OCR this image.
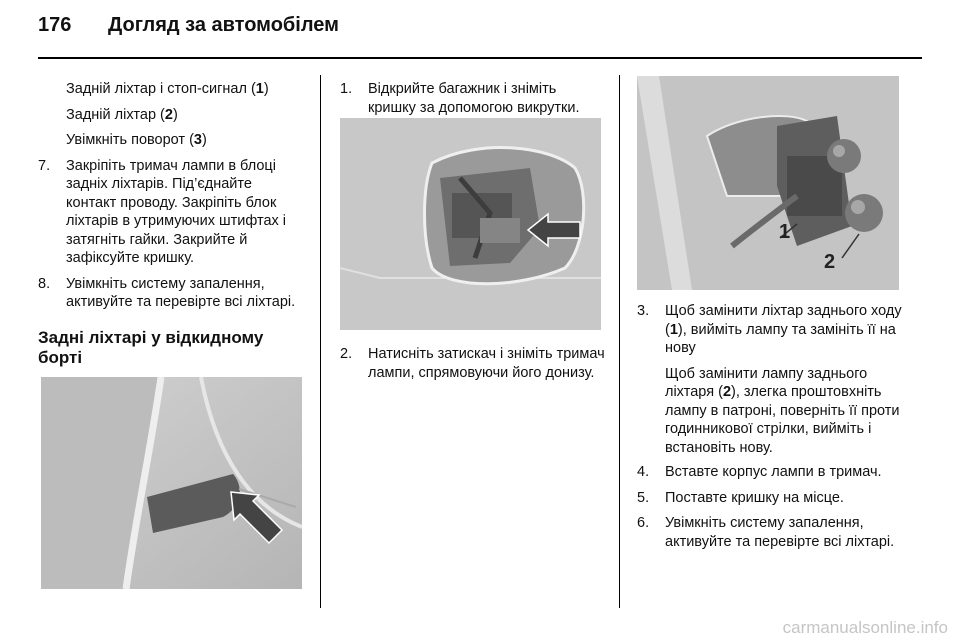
176 Догляд за автомобілем

Задній ліхтар і стоп-сигнал (1)

Задній ліхтар (2)

Увімкніть поворот (3)

7.	Закріпіть тримач лампи в блоці задніх ліхтарів. Під’єднайте контакт проводу. Закріпіть блок ліхтарів в утримуючих штифтах і затягніть гайки. Закрийте й зафіксуйте кришку.
8.	Увімкніть систему запалення, активуйте та перевірте всі ліхтарі.
Задні ліхтарі у відкидному борті
1.	Відкрийте багажник і зніміть кришку за допомогою викрутки.
2.	Натисніть затискач і зніміть тримач лампи, спрямовуючи його донизу.
1
2
3.	Щоб замінити ліхтар заднього ходу (1), вийміть лампу та замініть її на нову

Щоб замінити лампу заднього ліхтаря (2), злегка проштовхніть лампу в патроні, поверніть її проти годинникової стрілки, вийміть і встановіть нову.

4.	Вставте корпус лампи в тримач.
5.	Поставте кришку на місце.
6.	Увімкніть систему запалення, активуйте та перевірте всі ліхтарі.
carmanualsonline.info
